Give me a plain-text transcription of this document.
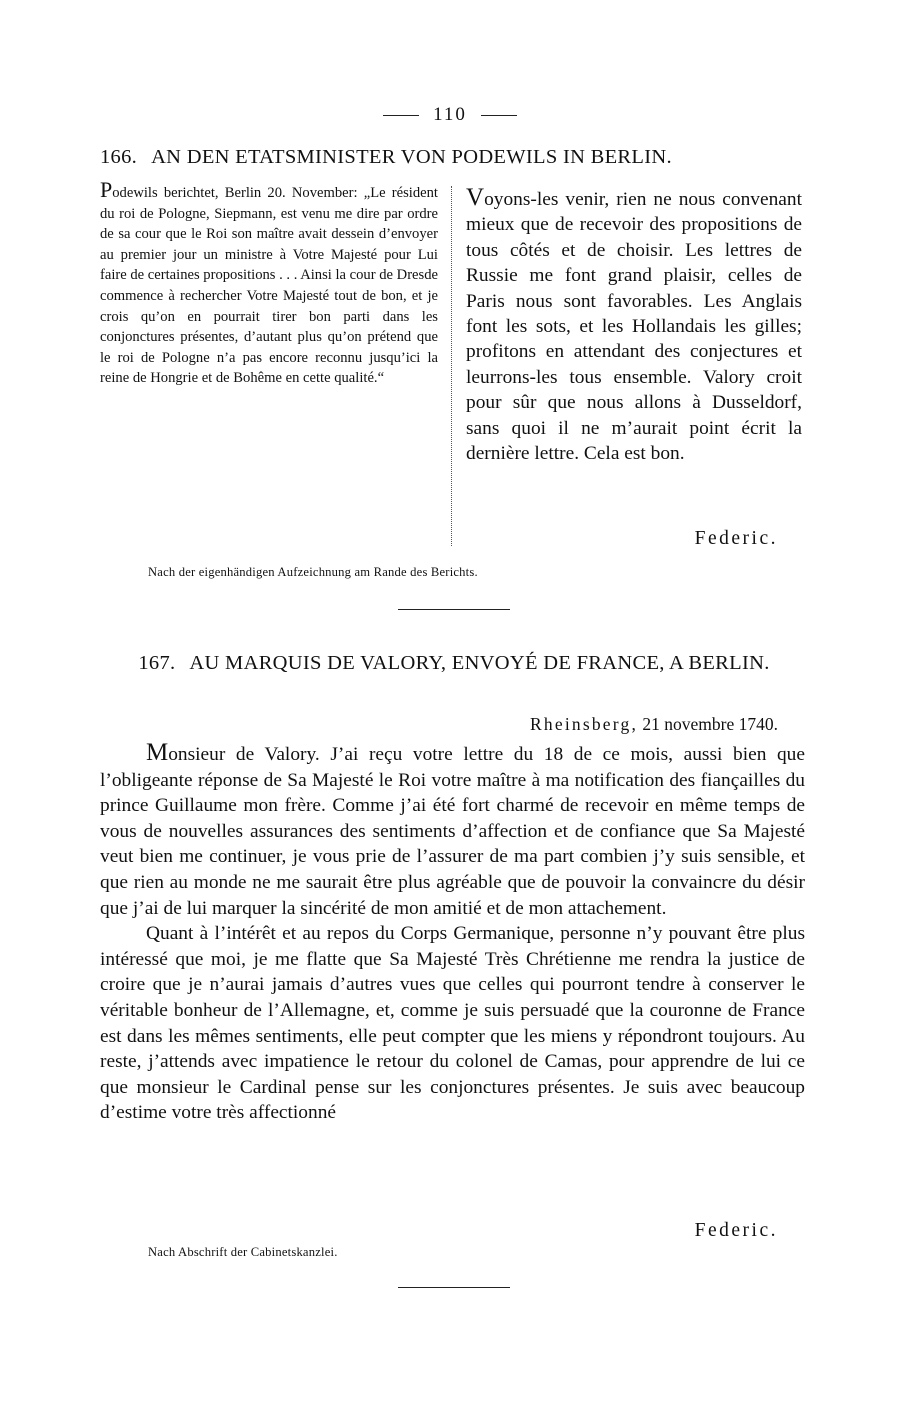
110
166. AN DEN ETATSMINISTER VON PODEWILS IN BERLIN.
Podewils berichtet, Berlin 20. November: „Le résident du roi de Pologne, Siepmann, est venu me dire par ordre de sa cour que le Roi son maître avait dessein d’envoyer au premier jour un ministre à Votre Majesté pour Lui faire de certaines propositions . . . Ainsi la cour de Dresde commence à rechercher Votre Majesté tout de bon, et je crois qu’on en pourrait tirer bon parti dans les conjonctures présentes, d’autant plus qu’on prétend que le roi de Pologne n’a pas encore reconnu jusqu’ici la reine de Hongrie et de Bohême en cette qualité.“
Voyons-les venir, rien ne nous convenant mieux que de recevoir des propositions de tous côtés et de choisir. Les lettres de Russie me font grand plaisir, celles de Paris nous sont favorables. Les Anglais font les sots, et les Hollandais les gilles; profitons en attendant des conjectures et leurrons-les tous ensemble. Valory croit pour sûr que nous allons à Dusseldorf, sans quoi il ne m’aurait point écrit la dernière lettre. Cela est bon.
Federic.
Nach der eigenhändigen Aufzeichnung am Rande des Berichts.
167. AU MARQUIS DE VALORY, ENVOYÉ DE FRANCE, A BERLIN.
Rheinsberg, 21 novembre 1740.

Monsieur de Valory. J’ai reçu votre lettre du 18 de ce mois, aussi bien que l’obligeante réponse de Sa Majesté le Roi votre maître à ma notification des fiançailles du prince Guillaume mon frère. Comme j’ai été fort charmé de recevoir en même temps de vous de nouvelles assurances des sentiments d’affection et de confiance que Sa Majesté veut bien me continuer, je vous prie de l’assurer de ma part combien j’y suis sensible, et que rien au monde ne me saurait être plus agréable que de pouvoir la convaincre du désir que j’ai de lui marquer la sincérité de mon amitié et de mon attachement.

Quant à l’intérêt et au repos du Corps Germanique, personne n’y pouvant être plus intéressé que moi, je me flatte que Sa Majesté Très Chrétienne me rendra la justice de croire que je n’aurai jamais d’autres vues que celles qui pourront tendre à conserver le véritable bonheur de l’Allemagne, et, comme je suis persuadé que la couronne de France est dans les mêmes sentiments, elle peut compter que les miens y répondront toujours. Au reste, j’attends avec impatience le retour du colonel de Camas, pour apprendre de lui ce que monsieur le Cardinal pense sur les conjonctures présentes. Je suis avec beaucoup d’estime votre très affectionné

Federic.
Nach Abschrift der Cabinetskanzlei.
